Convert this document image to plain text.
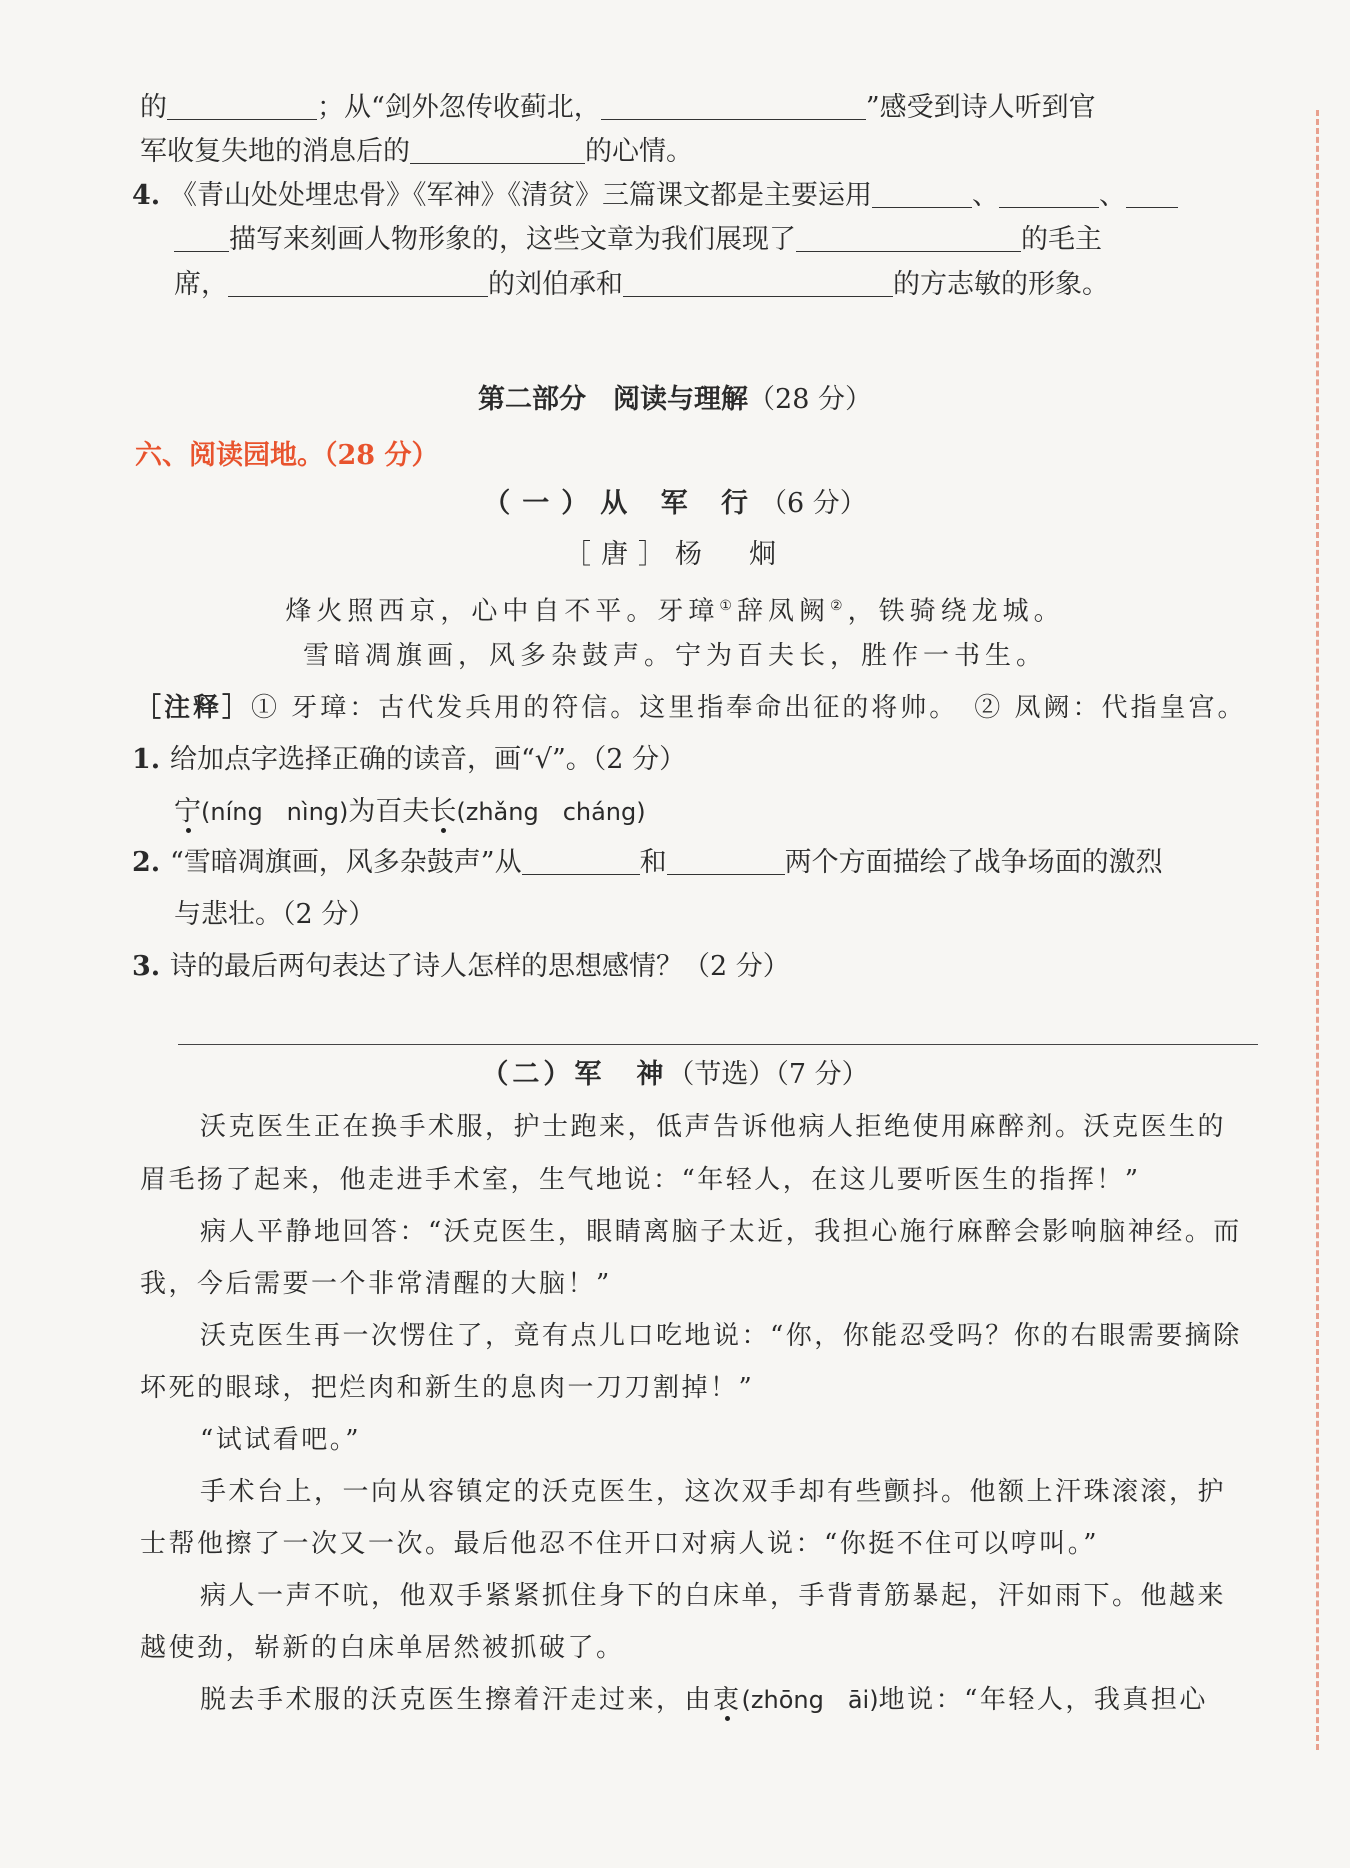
的	；从“剑外忽传收蓟北，	”感受到诗人听到官
军收复失地的消息后的	的心情。
4. 《青山处处埋忠骨》《军神》《清贫》三篇课文都是主要运用	、	、
描写来刻画人物形象的，这些文章为我们展现了	的毛主
席，	的刘伯承和	的方志敏的形象。
第二部分　阅读与理解（28 分）
六、阅读园地。（28 分）
（一）从 军 行（6 分）
［唐］杨　炯
烽火照西京，心中自不平。牙璋①辞凤阙②，铁骑绕龙城。
雪暗凋旗画，风多杂鼓声。宁为百夫长，胜作一书生。
［注释］① 牙璋：古代发兵用的符信。这里指奉命出征的将帅。　② 凤阙：代指皇宫。
1. 给加点字选择正确的读音，画“√”。（2 分）
宁(níng　nìng)为百夫长(zhǎng　cháng)
2. “雪暗凋旗画，风多杂鼓声”从	和	两个方面描绘了战争场面的激烈
与悲壮。（2 分）
3. 诗的最后两句表达了诗人怎样的思想感情？（2 分）
（二）军　神（节选）（7 分）
沃克医生正在换手术服，护士跑来，低声告诉他病人拒绝使用麻醉剂。沃克医生的
眉毛扬了起来，他走进手术室，生气地说：“年轻人，在这儿要听医生的指挥！”
病人平静地回答：“沃克医生，眼睛离脑子太近，我担心施行麻醉会影响脑神经。而
我，今后需要一个非常清醒的大脑！”
沃克医生再一次愣住了，竟有点儿口吃地说：“你，你能忍受吗？你的右眼需要摘除
坏死的眼球，把烂肉和新生的息肉一刀刀割掉！”
“试试看吧。”
手术台上，一向从容镇定的沃克医生，这次双手却有些颤抖。他额上汗珠滚滚，护
士帮他擦了一次又一次。最后他忍不住开口对病人说：“你挺不住可以哼叫。”
病人一声不吭，他双手紧紧抓住身下的白床单，手背青筋暴起，汗如雨下。他越来
越使劲，崭新的白床单居然被抓破了。
脱去手术服的沃克医生擦着汗走过来，由衷(zhōng　āi)地说：“年轻人，我真担心
